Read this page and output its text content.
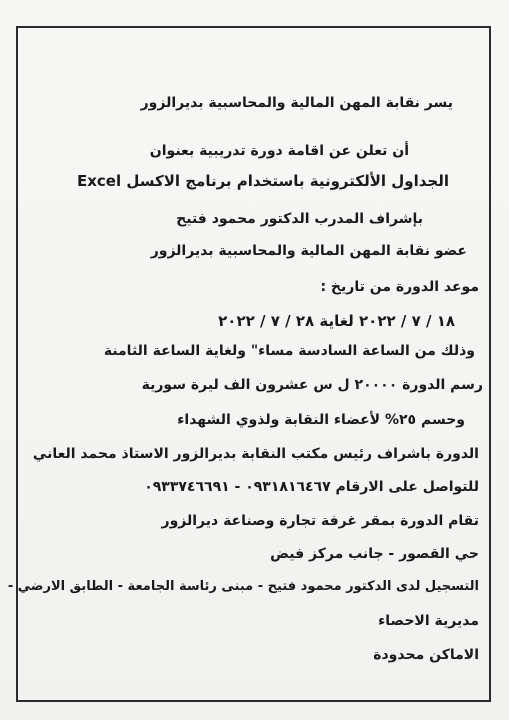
يسر نقابة المهن المالية والمحاسبية بديرالزور
أن تعلن عن اقامة دورة تدريبية بعنوان
الجداول الألكترونية باستخدام برنامج الاكسل Excel
بإشراف المدرب الدكتور محمود فتيح
عضو نقابة المهن المالية والمحاسبية بديرالزور
موعد الدورة من تاريخ :
١٨ / ٧ / ٢٠٢٢ لغاية ٢٨ / ٧ / ٢٠٢٢
وذلك من الساعة السادسة مساء" ولغاية الساعة الثامنة
رسم الدورة ٢٠٠٠٠ ل س عشرون الف ليرة سورية
وحسم ٢٥% لأعضاء النقابة ولذوي الشهداء
الدورة باشراف رئيس مكتب النقابة بديرالزور الاستاذ محمد العاني
للتواصل على الارقام ٠٩٣١٨١٦٤٦٧ - ٠٩٣٣٧٤٦٦٩١
تقام الدورة بمقر غرفة تجارة وصناعة ديرالزور
حي القصور - جانب مركز فيض
التسجيل لدى الدكتور محمود فتيح - مبنى رئاسة الجامعة - الطابق الارضي -
مديرية الاحصاء
الاماكن محدودة
